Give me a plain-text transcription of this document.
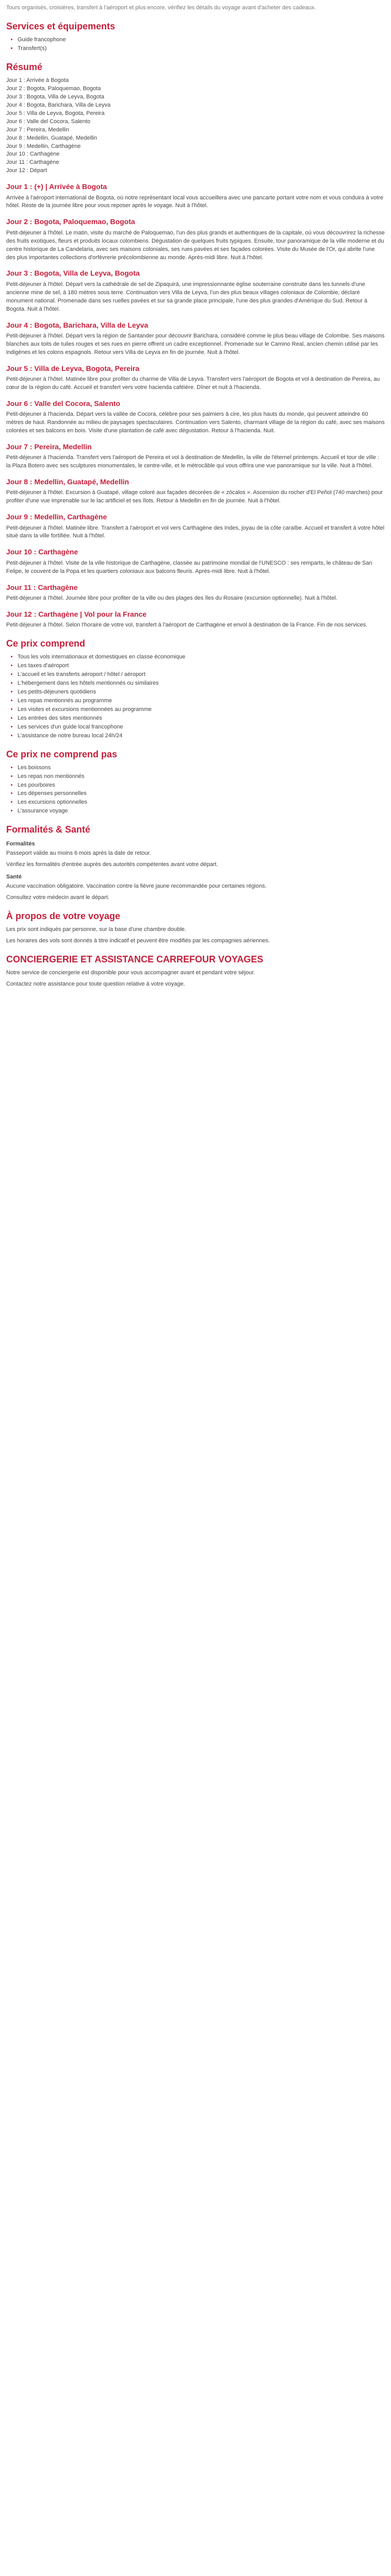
Tours organisés, croisières, transfert à l'aéroport et plus encore, vérifiez les détails du voyage avant d'acheter des cadeaux.

Services et équipements
• Guide francophone
• Transfert(s)
Résumé
Jour 1 : Arrivée à Bogota
Jour 2 : Bogota, Paloquemao, Bogota
Jour 3 : Bogota, Villa de Leyva, Bogota
Jour 4 : Bogota, Barichara, Villa de Leyva
Jour 5 : Villa de Leyva, Bogota, Pereira
Jour 6 : Valle del Cocora, Salento
Jour 7 : Pereira, Medellin
Jour 8 : Medellin, Guatapé, Medellin
Jour 9 : Medellin, Carthagène
Jour 10 : Carthagène
Jour 11 : Carthagène
Jour 12 : Départ
Jour 1 : (+) | Arrivée à Bogota

Arrivée à l'aéroport international de Bogota, où notre représentant local vous accueillera avec une pancarte portant votre nom et vous conduira à votre hôtel. Reste de la journée libre pour vous reposer après le voyage. Nuit à l'hôtel.

Jour 2 : Bogota, Paloquemao, Bogota

Petit-déjeuner à l'hôtel. Le matin, visite du marché de Paloquemao, l'un des plus grands et authentiques de la capitale, où vous découvrirez la richesse des fruits exotiques, fleurs et produits locaux colombiens. Dégustation de quelques fruits typiques. Ensuite, tour panoramique de la ville moderne et du centre historique de La Candelaria, avec ses maisons coloniales, ses rues pavées et ses façades colorées. Visite du Musée de l'Or, qui abrite l'une des plus importantes collections d'orfèvrerie précolombienne au monde. Après-midi libre. Nuit à l'hôtel.

Jour 3 : Bogota, Villa de Leyva, Bogota

Petit-déjeuner à l'hôtel. Départ vers la cathédrale de sel de Zipaquirá, une impressionnante église souterraine construite dans les tunnels d'une ancienne mine de sel, à 180 mètres sous terre. Continuation vers Villa de Leyva, l'un des plus beaux villages coloniaux de Colombie, déclaré monument national. Promenade dans ses ruelles pavées et sur sa grande place principale, l'une des plus grandes d'Amérique du Sud. Retour à Bogota. Nuit à l'hôtel.

Jour 4 : Bogota, Barichara, Villa de Leyva

Petit-déjeuner à l'hôtel. Départ vers la région de Santander pour découvrir Barichara, considéré comme le plus beau village de Colombie. Ses maisons blanches aux toits de tuiles rouges et ses rues en pierre offrent un cadre exceptionnel. Promenade sur le Camino Real, ancien chemin utilisé par les indigènes et les colons espagnols. Retour vers Villa de Leyva en fin de journée. Nuit à l'hôtel.

Jour 5 : Villa de Leyva, Bogota, Pereira

Petit-déjeuner à l'hôtel. Matinée libre pour profiter du charme de Villa de Leyva. Transfert vers l'aéroport de Bogota et vol à destination de Pereira, au cœur de la région du café. Accueil et transfert vers votre hacienda caféière. Dîner et nuit à l'hacienda.

Jour 6 : Valle del Cocora, Salento

Petit-déjeuner à l'hacienda. Départ vers la vallée de Cocora, célèbre pour ses palmiers à cire, les plus hauts du monde, qui peuvent atteindre 60 mètres de haut. Randonnée au milieu de paysages spectaculaires. Continuation vers Salento, charmant village de la région du café, avec ses maisons colorées et ses balcons en bois. Visite d'une plantation de café avec dégustation. Retour à l'hacienda. Nuit.

Jour 7 : Pereira, Medellin

Petit-déjeuner à l'hacienda. Transfert vers l'aéroport de Pereira et vol à destination de Medellin, la ville de l'éternel printemps. Accueil et tour de ville : la Plaza Botero avec ses sculptures monumentales, le centre-ville, et le métrocâble qui vous offrira une vue panoramique sur la ville. Nuit à l'hôtel.

Jour 8 : Medellin, Guatapé, Medellin

Petit-déjeuner à l'hôtel. Excursion à Guatapé, village coloré aux façades décorées de « zócalos ». Ascension du rocher d'El Peñol (740 marches) pour profiter d'une vue imprenable sur le lac artificiel et ses îlots. Retour à Medellin en fin de journée. Nuit à l'hôtel.

Jour 9 : Medellin, Carthagène

Petit-déjeuner à l'hôtel. Matinée libre. Transfert à l'aéroport et vol vers Carthagène des Indes, joyau de la côte caraïbe. Accueil et transfert à votre hôtel situé dans la ville fortifiée. Nuit à l'hôtel.

Jour 10 : Carthagène

Petit-déjeuner à l'hôtel. Visite de la ville historique de Carthagène, classée au patrimoine mondial de l'UNESCO : ses remparts, le château de San Felipe, le couvent de la Popa et les quartiers coloniaux aux balcons fleuris. Après-midi libre. Nuit à l'hôtel.

Jour 11 : Carthagène

Petit-déjeuner à l'hôtel. Journée libre pour profiter de la ville ou des plages des îles du Rosaire (excursion optionnelle). Nuit à l'hôtel.

Jour 12 : Carthagène | Vol pour la France

Petit-déjeuner à l'hôtel. Selon l'horaire de votre vol, transfert à l'aéroport de Carthagène et envol à destination de la France. Fin de nos services.

Ce prix comprend
• Tous les vols internationaux et domestiques en classe économique
• Les taxes d'aéroport
• L'accueil et les transferts aéroport / hôtel / aéroport
• L'hébergement dans les hôtels mentionnés ou similaires
• Les petits-déjeuners quotidiens
• Les repas mentionnés au programme
• Les visites et excursions mentionnées au programme
• Les entrées des sites mentionnés
• Les services d'un guide local francophone
• L'assistance de notre bureau local 24h/24
Ce prix ne comprend pas
• Les boissons
• Les repas non mentionnés
• Les pourboires
• Les dépenses personnelles
• Les excursions optionnelles
• L'assurance voyage
Formalités & Santé
Formalités

Passeport valide au moins 6 mois après la date de retour.

Vérifiez les formalités d'entrée auprès des autorités compétentes avant votre départ.

Santé

Aucune vaccination obligatoire. Vaccination contre la fièvre jaune recommandée pour certaines régions.

Consultez votre médecin avant le départ.

À propos de votre voyage

Les prix sont indiqués par personne, sur la base d'une chambre double.

Les horaires des vols sont donnés à titre indicatif et peuvent être modifiés par les compagnies aériennes.

CONCIERGERIE ET ASSISTANCE CARREFOUR VOYAGES

Notre service de conciergerie est disponible pour vous accompagner avant et pendant votre séjour.

Contactez notre assistance pour toute question relative à votre voyage.
